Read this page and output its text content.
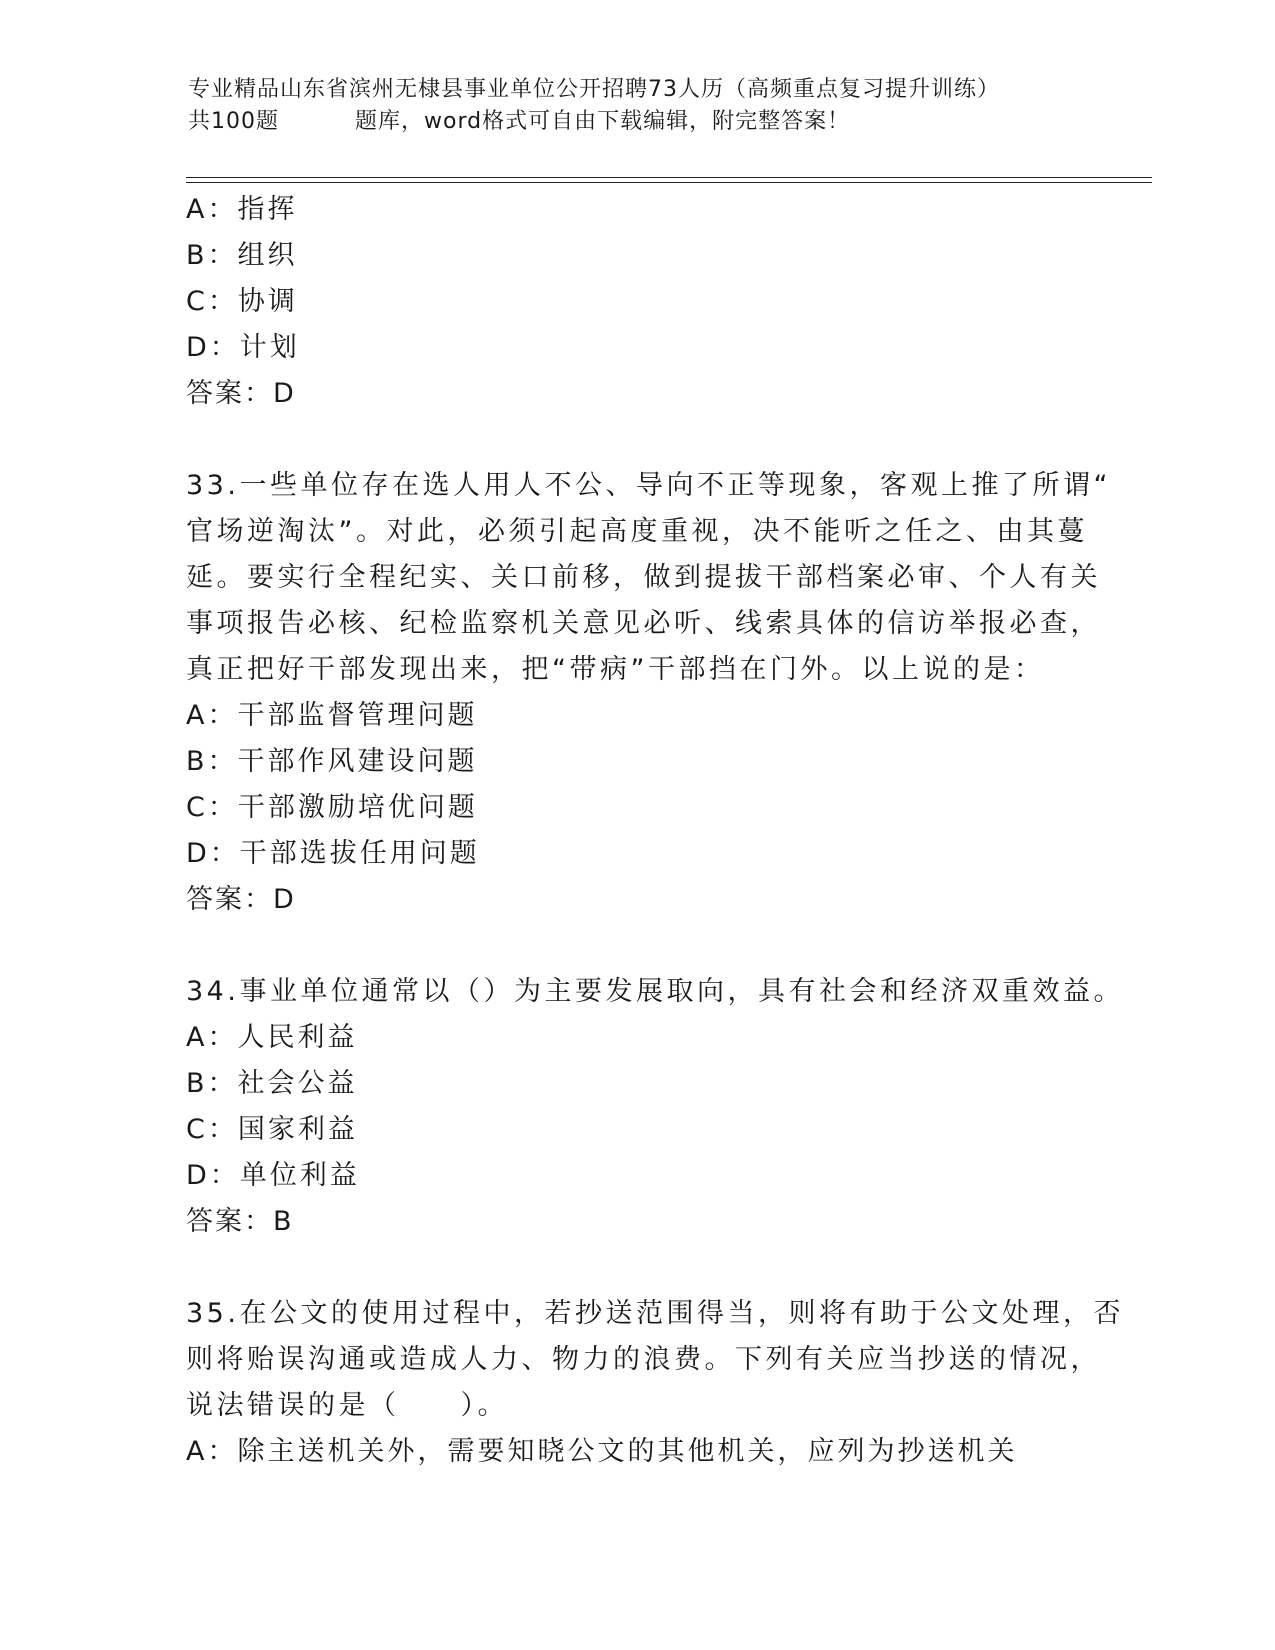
专业精品山东省滨州无棣县事业单位公开招聘73人历（高频重点复习提升训练）
共100题	题库，word格式可自由下载编辑，附完整答案！
A：指挥
B：组织
C：协调
D：计划
答案：D
33.一些单位存在选人用人不公、导向不正等现象，客观上推了所谓“
官场逆淘汰”。对此，必须引起高度重视，决不能听之任之、由其蔓
延。要实行全程纪实、关口前移，做到提拔干部档案必审、个人有关
事项报告必核、纪检监察机关意见必听、线索具体的信访举报必查，
真正把好干部发现出来，把“带病”干部挡在门外。以上说的是：
A：干部监督管理问题
B：干部作风建设问题
C：干部激励培优问题
D：干部选拔任用问题
答案：D
34.事业单位通常以（）为主要发展取向，具有社会和经济双重效益。
A：人民利益
B：社会公益
C：国家利益
D：单位利益
答案：B
35.在公文的使用过程中，若抄送范围得当，则将有助于公文处理，否
则将贻误沟通或造成人力、物力的浪费。下列有关应当抄送的情况，
说法错误的是（　　）。
A：除主送机关外，需要知晓公文的其他机关，应列为抄送机关
